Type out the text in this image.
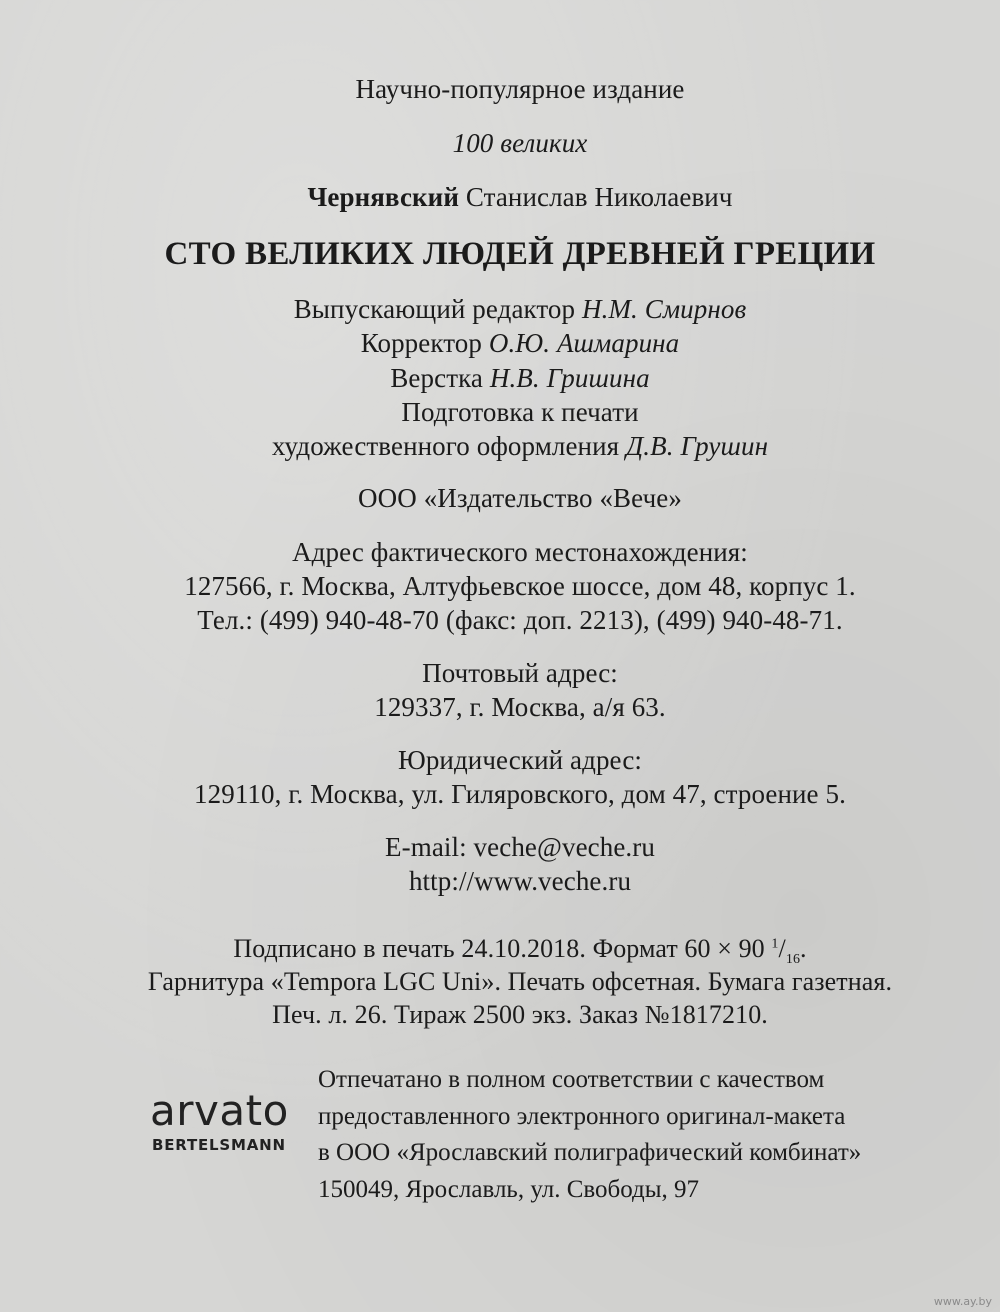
Научно-популярное издание
100 великих
Чернявский Станислав Николаевич
СТО ВЕЛИКИХ ЛЮДЕЙ ДРЕВНЕЙ ГРЕЦИИ
Выпускающий редактор Н.М. Смирнов
Корректор О.Ю. Ашмарина
Верстка Н.В. Гришина
Подготовка к печати
художественного оформления Д.В. Грушин
ООО «Издательство «Вече»
Адрес фактического местонахождения:
127566, г. Москва, Алтуфьевское шоссе, дом 48, корпус 1.
Тел.: (499) 940-48-70 (факс: доп. 2213), (499) 940-48-71.
Почтовый адрес:
129337, г. Москва, а/я 63.
Юридический адрес:
129110, г. Москва, ул. Гиляровского, дом 47, строение 5.
E-mail: veche@veche.ru
http://www.veche.ru
Подписано в печать 24.10.2018. Формат 60 × 90 $^1/_{16}$.
Гарнитура «Tempora LGC Uni». Печать офсетная. Бумага газетная.
Печ. л. 26. Тираж 2500 экз. Заказ №1817210.
arvato
BERTELSMANN
Отпечатано в полном соответствии с качеством
предоставленного электронного оригинал-макета
в ООО «Ярославский полиграфический комбинат»
150049, Ярославль, ул. Свободы, 97
www.ay.by
